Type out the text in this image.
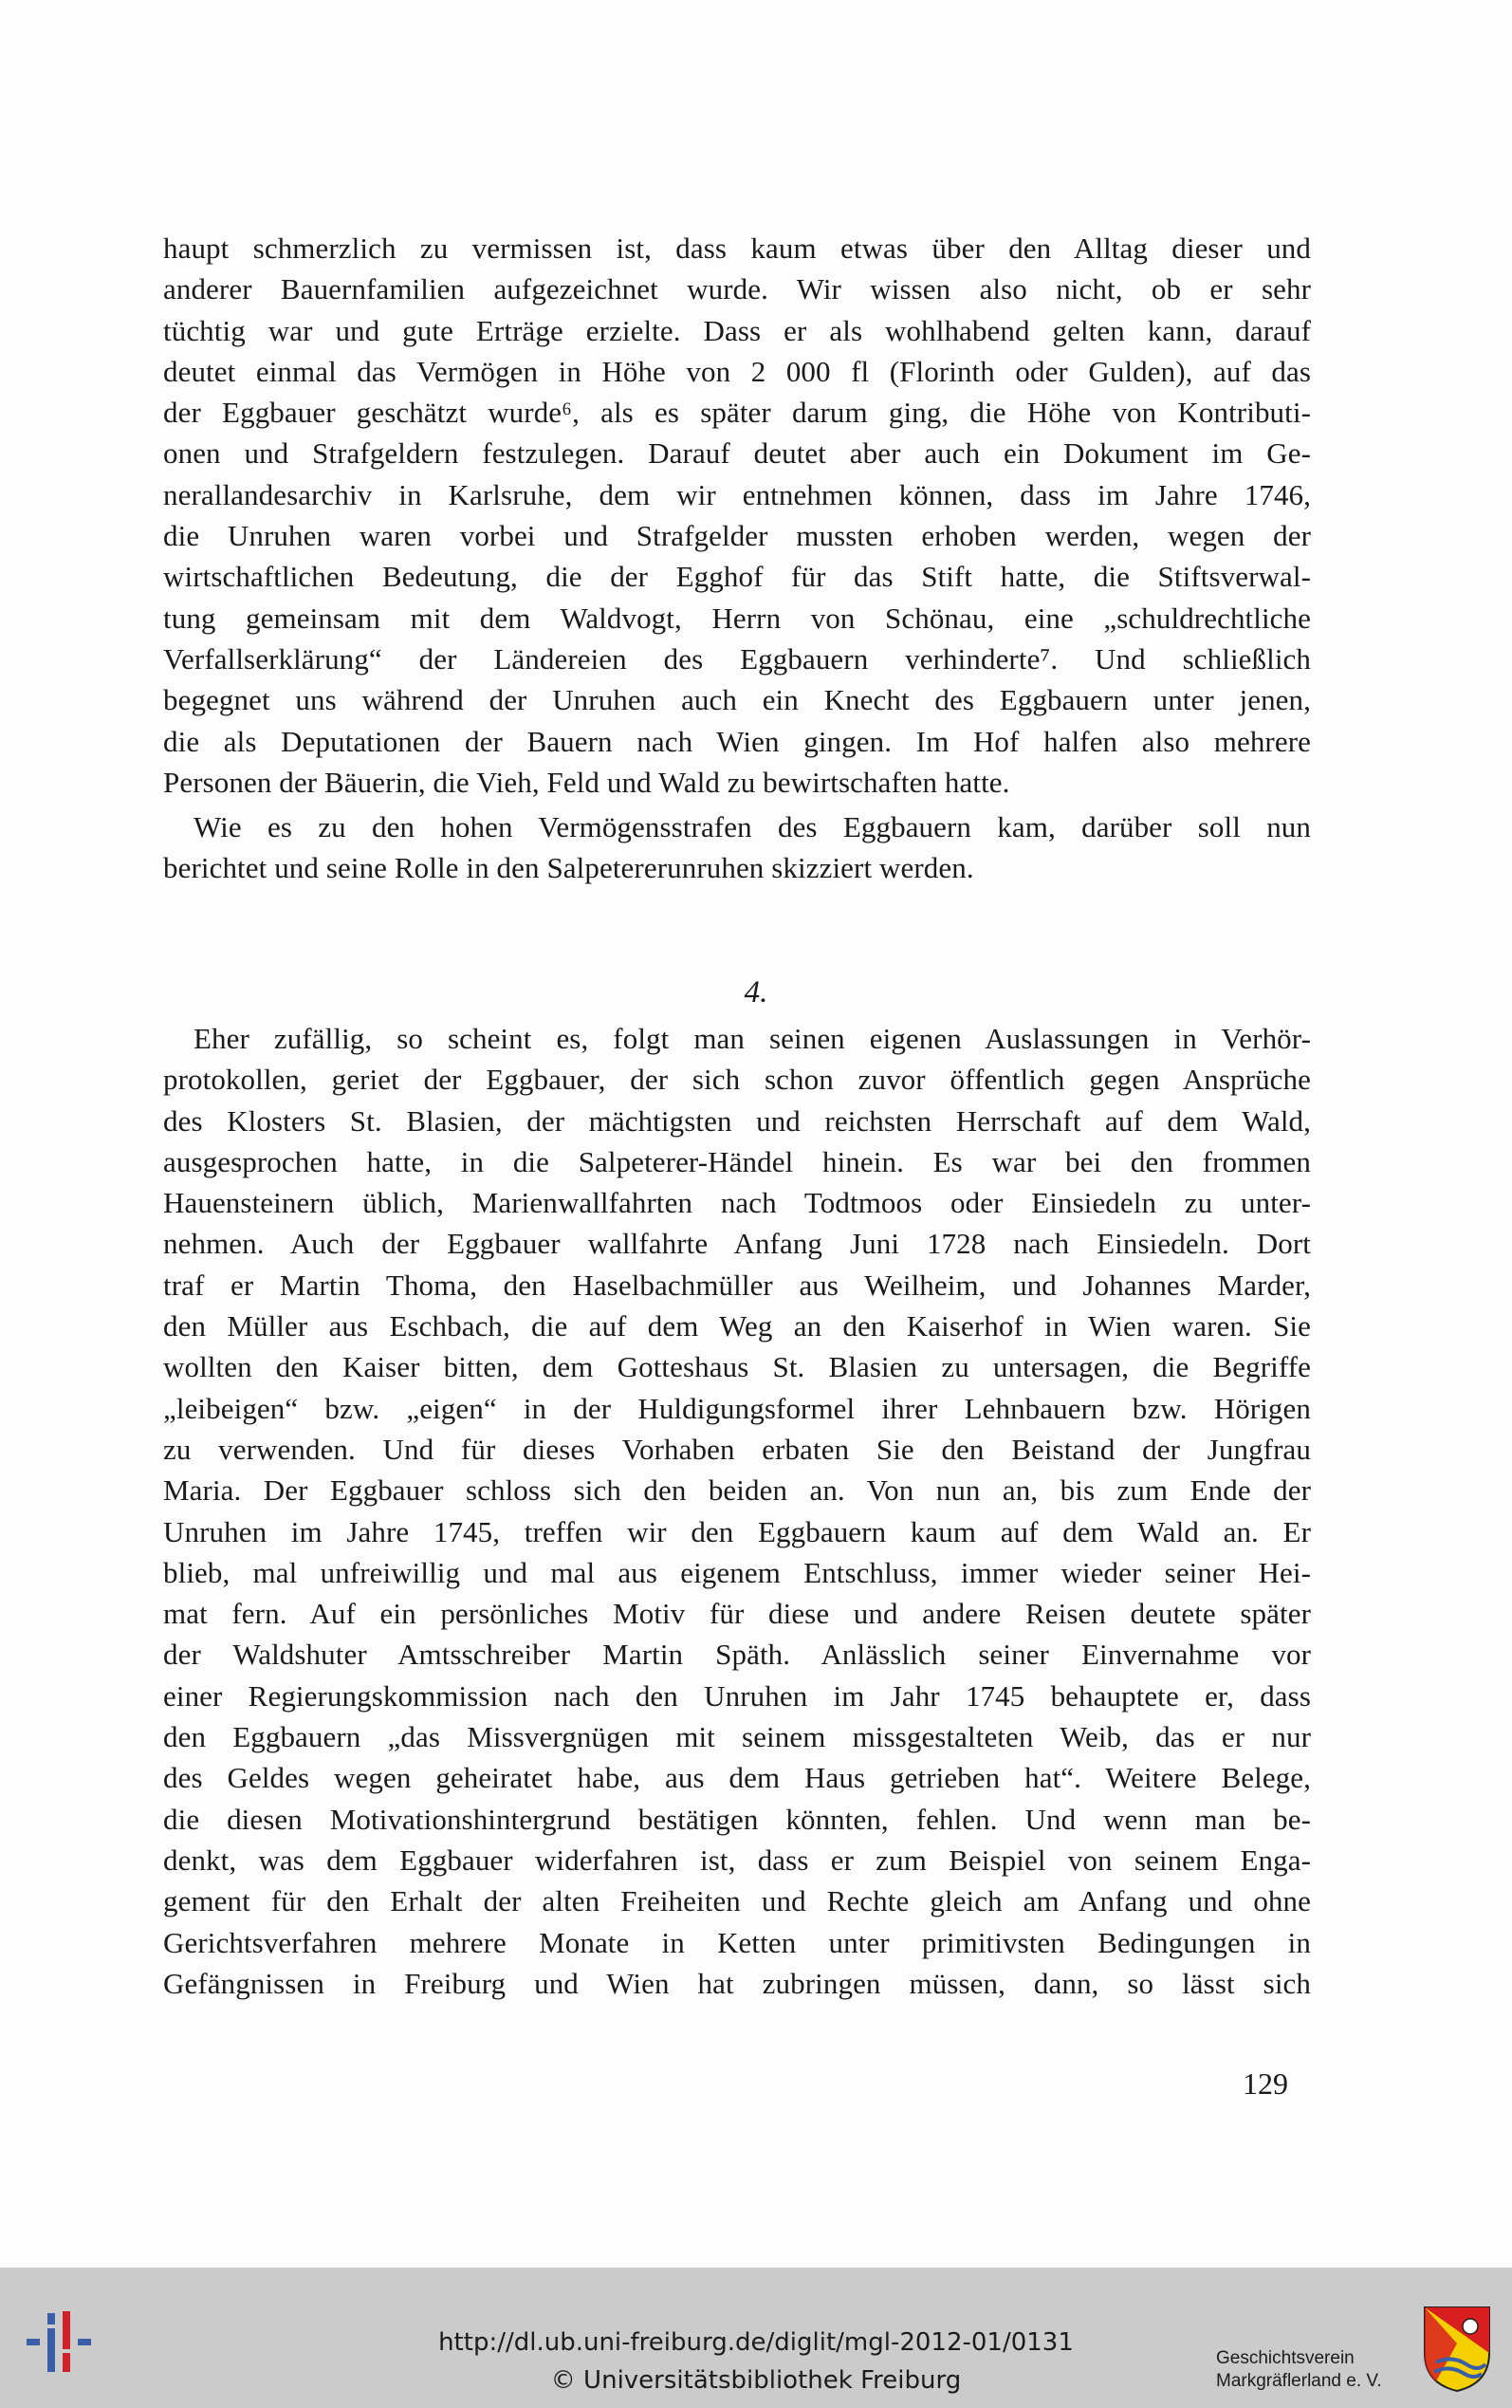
haupt schmerzlich zu vermissen ist, dass kaum etwas über den Alltag dieser und
anderer Bauernfamilien aufgezeichnet wurde. Wir wissen also nicht, ob er sehr
tüchtig war und gute Erträge erzielte. Dass er als wohlhabend gelten kann, darauf
deutet einmal das Vermögen in Höhe von 2 000 fl (Florinth oder Gulden), auf das
der Eggbauer geschätzt wurde⁶, als es später darum ging, die Höhe von Kontributi-
onen und Strafgeldern festzulegen. Darauf deutet aber auch ein Dokument im Ge-
nerallandesarchiv in Karlsruhe, dem wir entnehmen können, dass im Jahre 1746,
die Unruhen waren vorbei und Strafgelder mussten erhoben werden, wegen der
wirtschaftlichen Bedeutung, die der Egghof für das Stift hatte, die Stiftsverwal-
tung gemeinsam mit dem Waldvogt, Herrn von Schönau, eine „schuldrechtliche
Verfallserklärung“ der Ländereien des Eggbauern verhinderte⁷. Und schließlich
begegnet uns während der Unruhen auch ein Knecht des Eggbauern unter jenen,
die als Deputationen der Bauern nach Wien gingen. Im Hof halfen also mehrere
Personen der Bäuerin, die Vieh, Feld und Wald zu bewirtschaften hatte.
Wie es zu den hohen Vermögensstrafen des Eggbauern kam, darüber soll nun
berichtet und seine Rolle in den Salpetererunruhen skizziert werden.
4.
Eher zufällig, so scheint es, folgt man seinen eigenen Auslassungen in Verhör-
protokollen, geriet der Eggbauer, der sich schon zuvor öffentlich gegen Ansprüche
des Klosters St. Blasien, der mächtigsten und reichsten Herrschaft auf dem Wald,
ausgesprochen hatte, in die Salpeterer-Händel hinein. Es war bei den frommen
Hauensteinern üblich, Marienwallfahrten nach Todtmoos oder Einsiedeln zu unter-
nehmen. Auch der Eggbauer wallfahrte Anfang Juni 1728 nach Einsiedeln. Dort
traf er Martin Thoma, den Haselbachmüller aus Weilheim, und Johannes Marder,
den Müller aus Eschbach, die auf dem Weg an den Kaiserhof in Wien waren. Sie
wollten den Kaiser bitten, dem Gotteshaus St. Blasien zu untersagen, die Begriffe
„leibeigen“ bzw. „eigen“ in der Huldigungsformel ihrer Lehnbauern bzw. Hörigen
zu verwenden. Und für dieses Vorhaben erbaten Sie den Beistand der Jungfrau
Maria. Der Eggbauer schloss sich den beiden an. Von nun an, bis zum Ende der
Unruhen im Jahre 1745, treffen wir den Eggbauern kaum auf dem Wald an. Er
blieb, mal unfreiwillig und mal aus eigenem Entschluss, immer wieder seiner Hei-
mat fern. Auf ein persönliches Motiv für diese und andere Reisen deutete später
der Waldshuter Amtsschreiber Martin Späth. Anlässlich seiner Einvernahme vor
einer Regierungskommission nach den Unruhen im Jahr 1745 behauptete er, dass
den Eggbauern „das Missvergnügen mit seinem missgestalteten Weib, das er nur
des Geldes wegen geheiratet habe, aus dem Haus getrieben hat“. Weitere Belege,
die diesen Motivationshintergrund bestätigen könnten, fehlen. Und wenn man be-
denkt, was dem Eggbauer widerfahren ist, dass er zum Beispiel von seinem Enga-
gement für den Erhalt der alten Freiheiten und Rechte gleich am Anfang und ohne
Gerichtsverfahren mehrere Monate in Ketten unter primitivsten Bedingungen in
Gefängnissen in Freiburg und Wien hat zubringen müssen, dann, so lässt sich
129
http://dl.ub.uni-freiburg.de/diglit/mgl-2012-01/0131
© Universitätsbibliothek Freiburg
Geschichtsverein
Markgräflerland e. V.
